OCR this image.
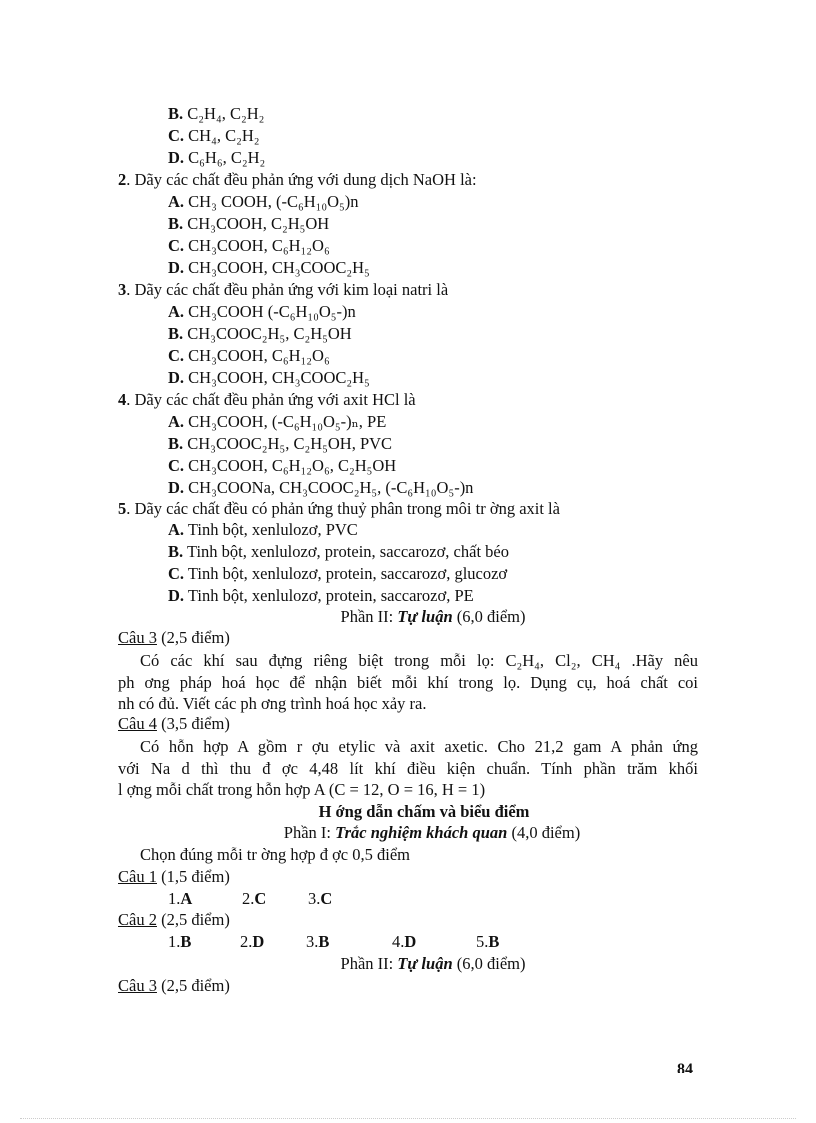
B. C₂H₄, C₂H₂
C. CH₄, C₂H₂
D. C₆H₆, C₂H₂
2. Dãy các chất đều phản ứng với dung dịch NaOH là:
A. CH₃ COOH, (-C₆H₁₀O₅)n
B. CH₃COOH, C₂H₅OH
C. CH₃COOH, C₆H₁₂O₆
D. CH₃COOH, CH₃COOC₂H₅
3. Dãy các chất đều phản ứng với kim loại natri là
A. CH₃COOH (-C₆H₁₀O₅-)n
B. CH₃COOC₂H₅, C₂H₅OH
C. CH₃COOH, C₆H₁₂O₆
D. CH₃COOH, CH₃COOC₂H₅
4. Dãy các chất đều phản ứng với axit HCl là
A. CH₃COOH, (-C₆H₁₀O₅-)ₙ, PE
B. CH₃COOC₂H₅, C₂H₅OH, PVC
C. CH₃COOH, C₆H₁₂O₆, C₂H₅OH
D. CH₃COONa, CH₃COOC₂H₅, (-C₆H₁₀O₅-)n
5. Dãy các chất đều có phản ứng thuỷ phân trong môi tr ờng axit là
A. Tinh bột, xenlulozơ, PVC
B. Tinh bột, xenlulozơ, protein, saccarozơ, chất béo
C. Tinh bột, xenlulozơ, protein, saccarozơ, glucozơ
D. Tinh bột, xenlulozơ, protein, saccarozơ, PE
Phần II: Tự luận (6,0 điểm)
Câu 3 (2,5 điểm)
Có các khí sau đựng riêng biệt trong mỗi lọ: C₂H₄, Cl₂, CH₄ .Hãy nêu
ph ơng pháp hoá học để nhận biết mỗi khí trong lọ. Dụng cụ, hoá chất coi
nh có đủ. Viết các ph ơng trình hoá học xảy ra.
Câu 4 (3,5 điểm)
Có hỗn hợp A gồm r ợu etylic và axit axetic. Cho 21,2 gam A phản ứng
với Na d thì thu đ ợc 4,48 lít khí điều kiện chuẩn. Tính phần trăm khối
l ợng mỗi chất trong hỗn hợp A (C = 12, O = 16, H = 1)
H ớng dẫn chấm và biểu điểm
Phần I: Trắc nghiệm khách quan (4,0 điểm)
Chọn đúng mỗi tr ờng hợp đ ợc 0,5 điểm
Câu 1 (1,5 điểm)
1.A	2.C	3.C
Câu 2 (2,5 điểm)
1.B	2.D	3.B	4.D	5.B
Phần II: Tự luận (6,0 điểm)
Câu 3 (2,5 điểm)
84
